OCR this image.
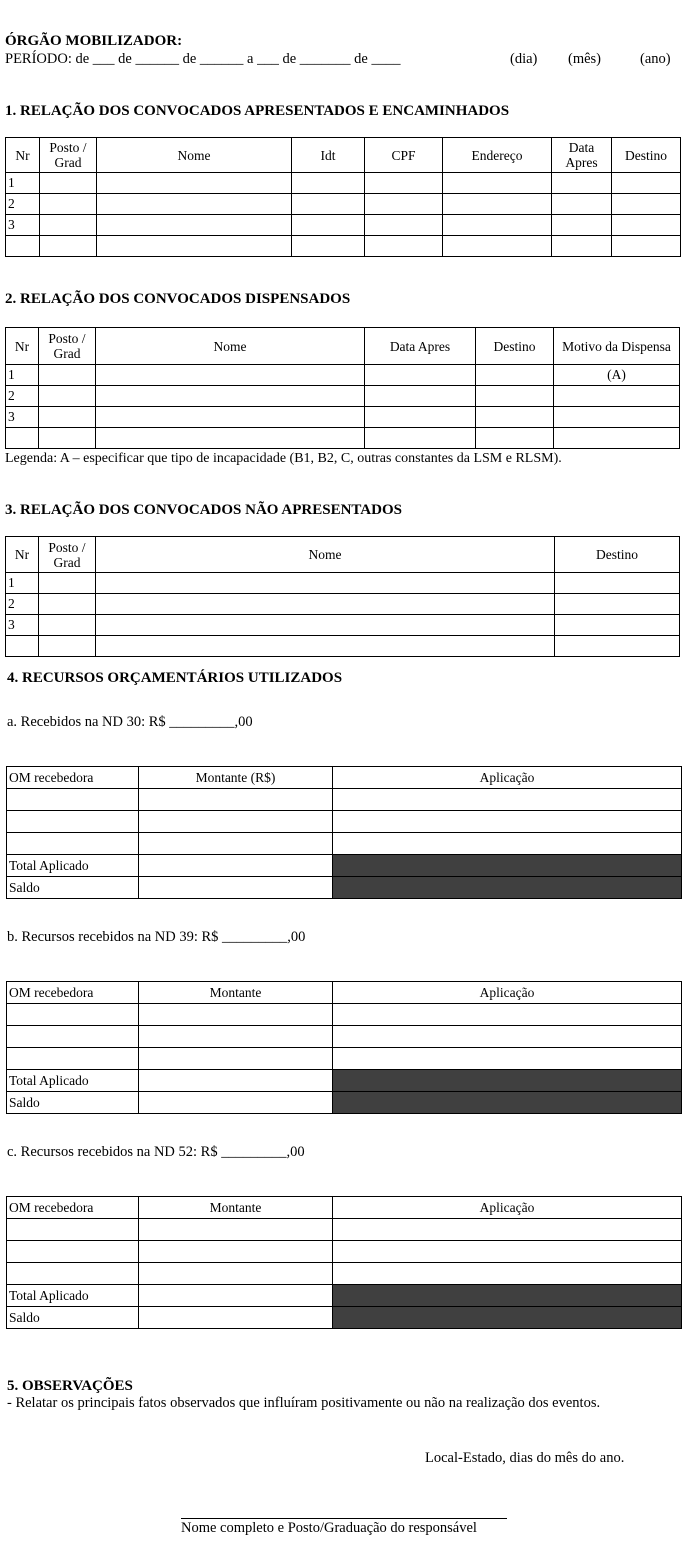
ÓRGÃO MOBILIZADOR:
PERÍODO: de ___ de ______ de ______ a ___ de _______ de ____	(dia) (mês)	(ano)
1. RELAÇÃO DOS CONVOCADOS APRESENTADOS E ENCAMINHADOS
Nr	Posto / Grad	Nome	Idt	CPF	Endereço	Data Apres	Destino
1							
2							
3							

2. RELAÇÃO DOS CONVOCADOS DISPENSADOS
Nr	Posto / Grad	Nome	Data Apres	Destino	Motivo da Dispensa
1					(A)
2					
3					

Legenda: A – especificar que tipo de incapacidade (B1, B2, C, outras constantes da LSM e RLSM).
3. RELAÇÃO DOS CONVOCADOS NÃO APRESENTADOS
Nr	Posto / Grad	Nome	Destino
1			
2			
3			

4. RECURSOS ORÇAMENTÁRIOS UTILIZADOS
a. Recebidos na ND 30: R$ _________,00
OM recebedora	Montante (R$)	Aplicação

Total Aplicado		
Saldo		
b. Recursos recebidos na ND 39: R$ _________,00
OM recebedora	Montante	Aplicação

Total Aplicado		
Saldo		
c. Recursos recebidos na ND 52: R$ _________,00
OM recebedora	Montante	Aplicação

Total Aplicado		
Saldo		
5. OBSERVAÇÕES
- Relatar os principais fatos observados que influíram positivamente ou não na realização dos eventos.
Local-Estado, dias do mês do ano.
Nome completo e Posto/Graduação do responsável
